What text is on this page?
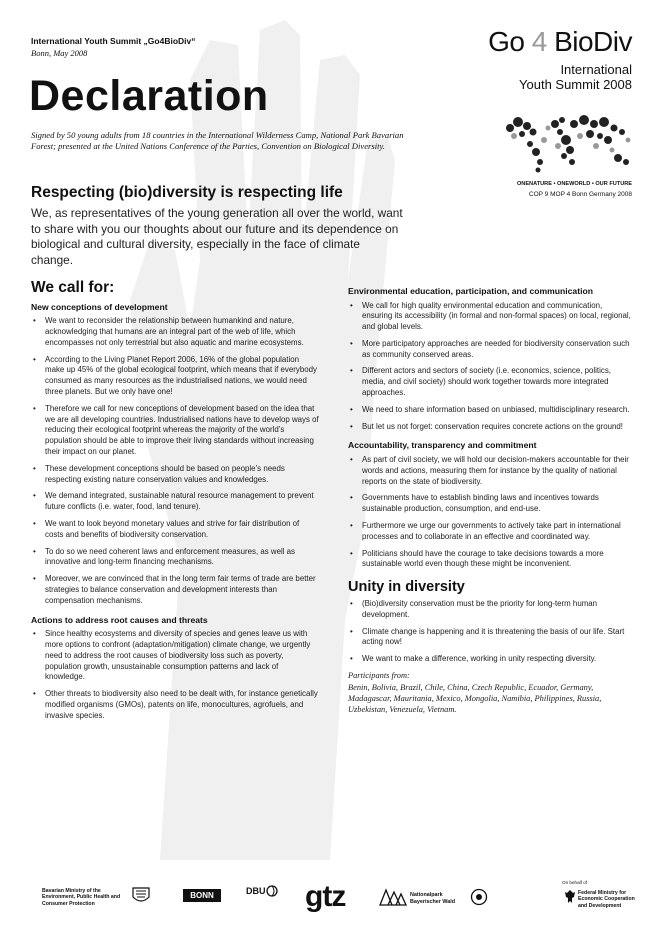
International Youth Summit „Go4BioDiv“
Bonn, May 2008
Declaration
Signed by 50 young adults from 18 countries in the International Wilderness Camp, National Park Bavarian Forest; presented at the United Nations Conference of the Parties, Convention on Biological Diversity.
Go 4 BioDiv
International
Youth Summit 2008
ONENATURE • ONEWORLD • OUR FUTURE
COP 9 MOP 4 Bonn Germany 2008
Respecting (bio)diversity is respecting life
We, as representatives of the young generation all over the world, want to share with you our thoughts about our future and its dependence on biological and cultural diversity, especially in the face of climate change.
We call for:
New conceptions of development
• We want to reconsider the relationship between humankind and nature, acknowledging that humans are an integral part of the web of life, which encompasses not only terrestrial but also aquatic and marine ecosystems.
• According to the Living Planet Report 2006, 16% of the global population make up 45% of the global ecological footprint, which means that if everybody consumed as many resources as the industrialised nations, we would need three planets. But we only have one!
• Therefore we call for new conceptions of development based on the idea that we are all developing countries. Industrialised nations have to develop ways of reducing their ecological footprint whereas the majority of the world’s population should be able to improve their living standards without increasing their impact on our planet.
• These development conceptions should be based on people’s needs respecting existing nature conservation values and knowledges.
• We demand integrated, sustainable natural resource management to prevent future conflicts (i.e. water, food, land tenure).
• We want to look beyond monetary values and strive for fair distribution of costs and benefits of biodiversity conservation.
• To do so we need coherent laws and enforcement measures, as well as innovative and long-term financing mechanisms.
• Moreover, we are convinced that in the long term fair terms of trade are better strategies to balance conservation and development interests than compensation mechanisms.
Actions to address root causes and threats
• Since healthy ecosystems and diversity of species and genes leave us with more options to confront (adaptation/mitigation) climate change, we urgently need to address the root causes of biodiversity loss such as poverty, population growth, unsustainable consumption patterns and lack of knowledge.
• Other threats to biodiversity also need to be dealt with, for instance genetically modified organisms (GMOs), patents on life, monocultures, agrofuels, and invasive species.
Environmental education, participation, and communication
• We call for high quality environmental education and communication, ensuring its accessibility (in formal and non-formal spaces) on local, regional, and global levels.
• More participatory approaches are needed for biodiversity conservation such as community conserved areas.
• Different actors and sectors of society (i.e. economics, science, politics, media, and civil society) should work together towards more integrated approaches.
• We need to share information based on unbiased, multidisciplinary research.
• But let us not forget: conservation requires concrete actions on the ground!
Accountability, transparency and commitment
• As part of civil society, we will hold our decision-makers accountable for their words and actions, measuring them for instance by the quality of national reports on the state of biodiversity.
• Governments have to establish binding laws and incentives towards sustainable production, consumption, and end-use.
• Furthermore we urge our governments to actively take part in international processes and to collaborate in an effective and coordinated way.
• Politicians should have the courage to take decisions towards a more sustainable world even though these might be inconvenient.
Unity in diversity
• (Bio)diversity conservation must be the priority for long-term human development.
• Climate change is happening and it is threatening the basis of our life. Start acting now!
• We want to make a difference, working in unity respecting diversity.
Participants from:
Benin, Bolivia, Brazil, Chile, China, Czech Republic, Ecuador, Germany, Madagascar, Mauritania, Mexico, Mongolia, Namibia, Philippines, Russia, Uzbekistan, Venezuela, Vietnam.
Bavarian Ministry of the Environment, Public Health and Consumer Protection
BONN	DBU gtz	Nationalpark Bayerischer Wald
On behalf of
Federal Ministry for Economic Cooperation and Development
